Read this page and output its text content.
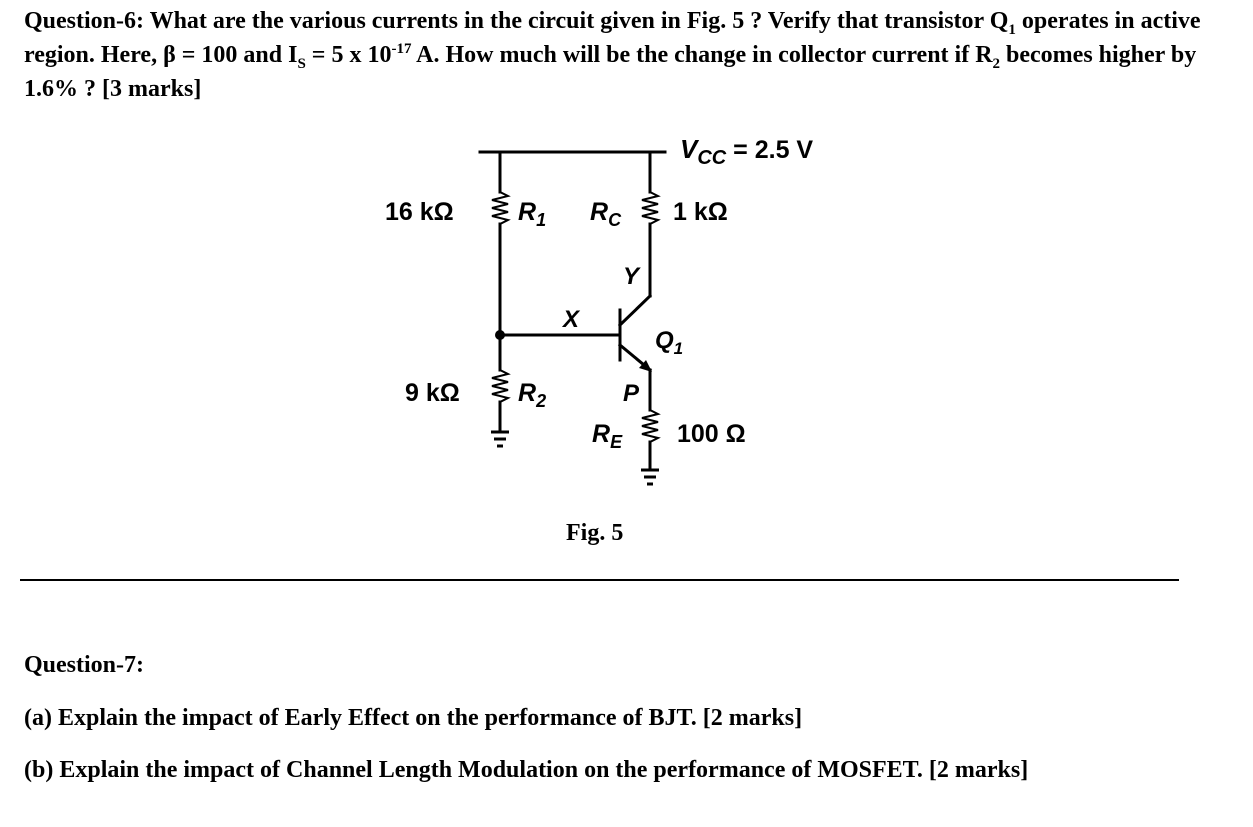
Question-6: What are the various currents in the circuit given in Fig. 5 ? Verify that transistor $Q_1$ operates in active region. Here, β = 100 and $I_S = 5$ x $10^{-17}$ A. How much will be the change in collector current if $R_2$ becomes higher by 1.6% ? [3 marks]

$V_{CC} = 2.5$ V
16 kΩ	$R_1$ $R_C$ 1 kΩ
Y
X
$Q_1$
9 kΩ $R_2$	P
$R_E$ 100 Ω
Fig. 5

Question-7:

(a) Explain the impact of Early Effect on the performance of BJT. [2 marks]

(b) Explain the impact of Channel Length Modulation on the performance of MOSFET. [2 marks]
